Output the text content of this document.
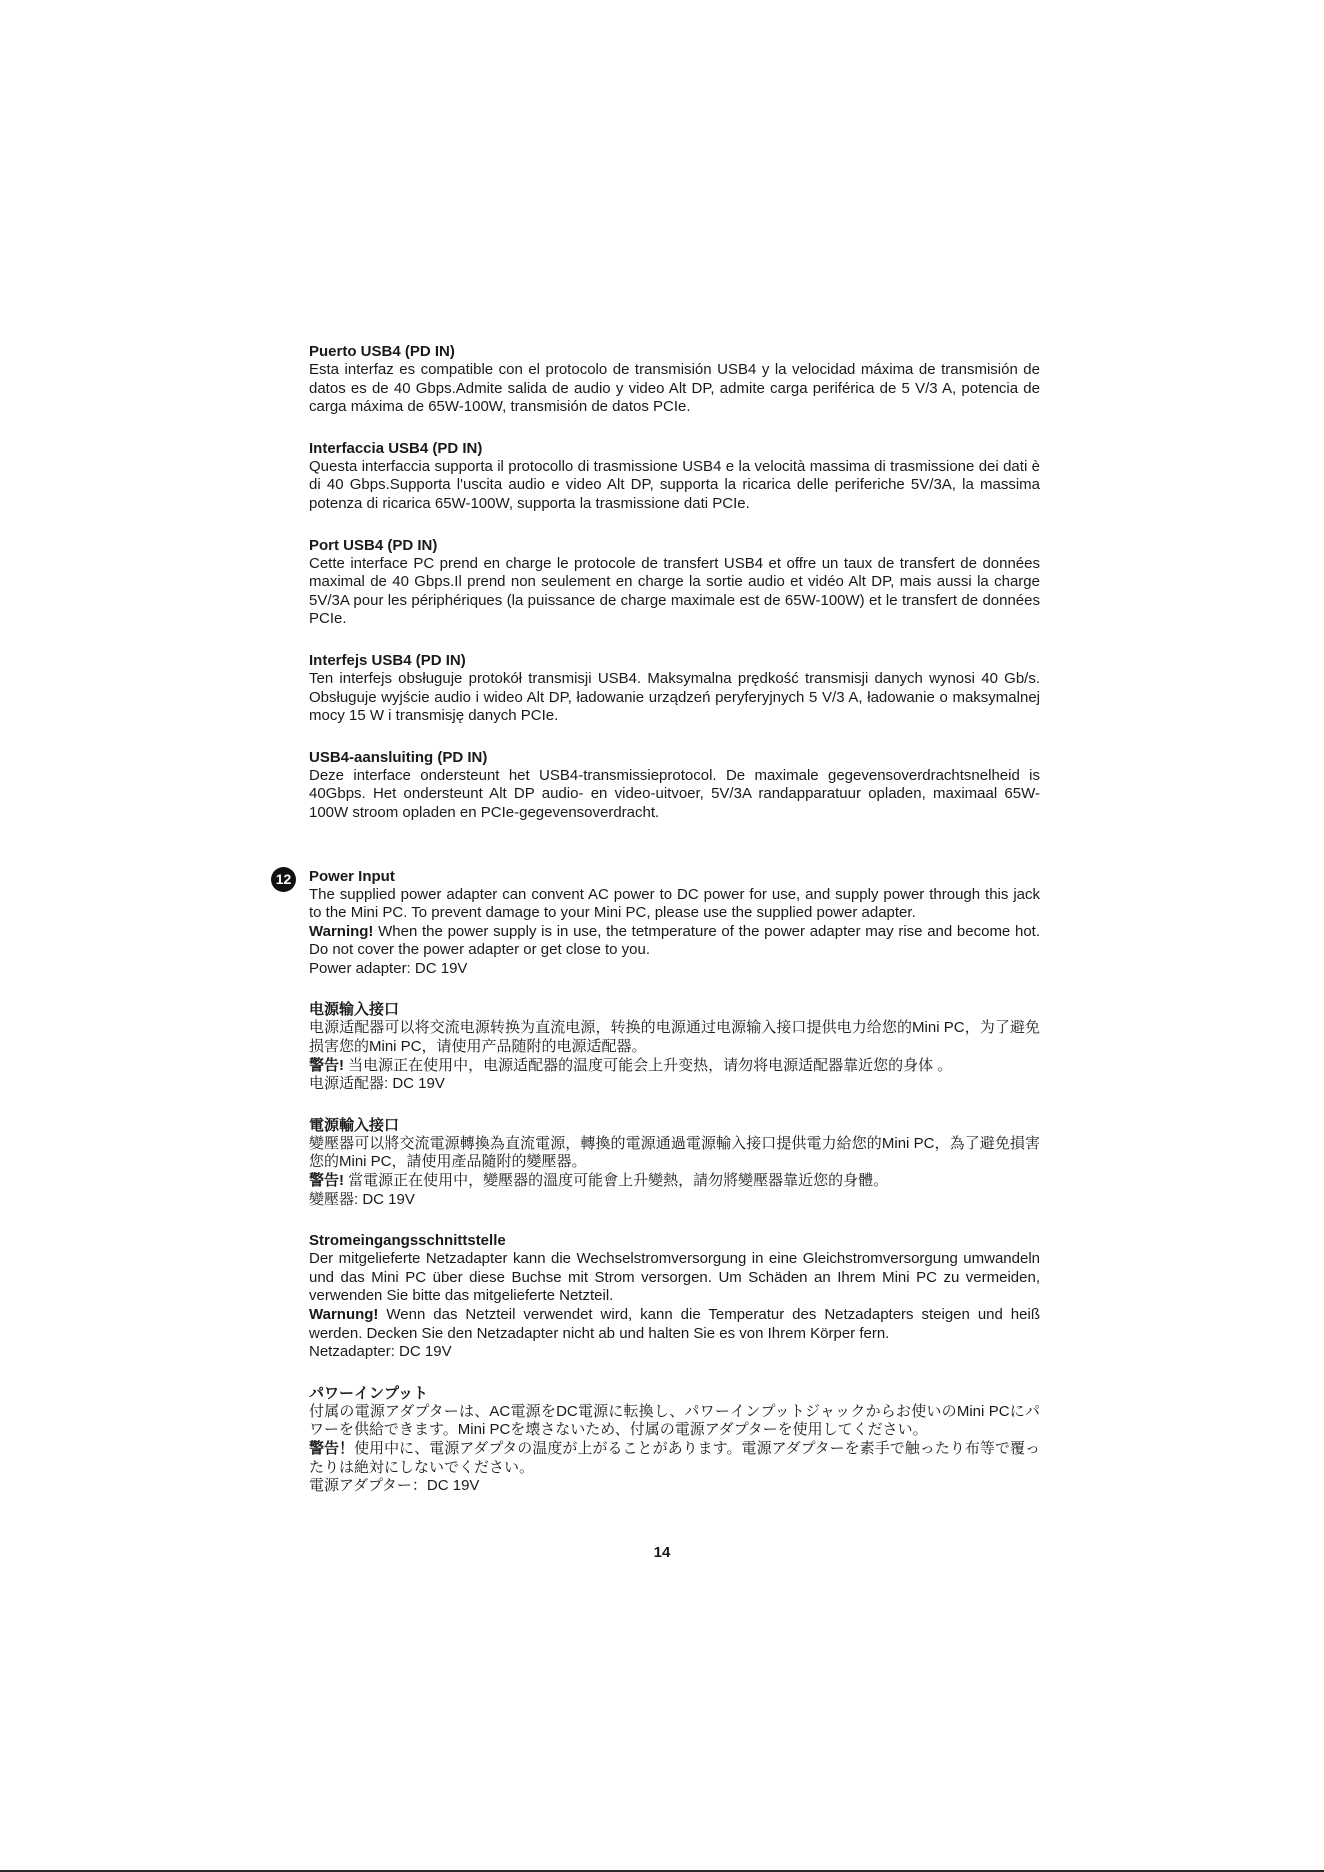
Puerto USB4 (PD IN)

Esta interfaz es compatible con el protocolo de transmisión USB4 y la velocidad máxima de transmisión de datos es de 40 Gbps.Admite salida de audio y video Alt DP, admite carga periférica de 5 V/3 A, potencia de carga máxima de 65W-100W, transmisión de datos PCIe.

Interfaccia USB4 (PD IN)

Questa interfaccia supporta il protocollo di trasmissione USB4 e la velocità massima di trasmissione dei dati è di 40 Gbps.Supporta l'uscita audio e video Alt DP, supporta la ricarica delle periferiche 5V/3A, la massima potenza di ricarica 65W-100W, supporta la trasmissione dati PCIe.

Port USB4 (PD IN)

Cette interface PC prend en charge le protocole de transfert USB4 et offre un taux de transfert de données maximal de 40 Gbps.Il prend non seulement en charge la sortie audio et vidéo Alt DP, mais aussi la charge 5V/3A pour les périphériques (la puissance de charge maximale est de 65W-100W) et le transfert de données PCIe.

Interfejs USB4 (PD IN)

Ten interfejs obsługuje protokół transmisji USB4. Maksymalna prędkość transmisji danych wynosi 40 Gb/s. Obsługuje wyjście audio i wideo Alt DP, ładowanie urządzeń peryferyjnych 5 V/3 A, ładowanie o maksymalnej mocy 15 W i transmisję danych PCIe.

USB4-aansluiting (PD IN)

Deze interface ondersteunt het USB4-transmissieprotocol. De maximale gegevensoverdrachtsnelheid is 40Gbps. Het ondersteunt Alt DP audio- en video-uitvoer, 5V/3A randapparatuur opladen, maximaal 65W-100W stroom opladen en PCIe-gegevensoverdracht.

Power Input

The supplied power adapter can convent AC power to DC power for use, and supply power through this jack to the Mini PC. To prevent damage to your Mini PC, please use the supplied power adapter.
Warning! When the power supply is in use, the tetmperature of the power adapter may rise and become hot. Do not cover the power adapter or get close to you.
Power adapter: DC 19V

电源输入接口

电源适配器可以将交流电源转换为直流电源，转换的电源通过电源输入接口提供电力给您的Mini PC，为了避免损害您的Mini PC，请使用产品随附的电源适配器。
警告! 当电源正在使用中，电源适配器的温度可能会上升变热，请勿将电源适配器靠近您的身体 。
电源适配器: DC 19V

電源輸入接口

變壓器可以將交流電源轉換為直流電源，轉換的電源通過電源輸入接口提供電力給您的Mini PC，為了避免損害您的Mini PC，請使用產品隨附的變壓器。
警告! 當電源正在使用中，變壓器的溫度可能會上升變熱，請勿將變壓器靠近您的身體。
變壓器: DC 19V

Stromeingangsschnittstelle

Der mitgelieferte Netzadapter kann die Wechselstromversorgung in eine Gleichstromversorgung umwandeln und das Mini PC über diese Buchse mit Strom versorgen. Um Schäden an Ihrem Mini PC zu vermeiden, verwenden Sie bitte das mitgelieferte Netzteil.
Warnung! Wenn das Netzteil verwendet wird, kann die Temperatur des Netzadapters steigen und heiß werden. Decken Sie den Netzadapter nicht ab und halten Sie es von Ihrem Körper fern.
Netzadapter: DC 19V

パワーインプット

付属の電源アダプターは、AC電源をDC電源に転換し、パワーインプットジャックからお使いのMini PCにパワーを供給できます。Mini PCを壊さないため、付属の電源アダプターを使用してください。
警告！使用中に、電源アダプタの温度が上がることがあります。電源アダプターを素手で触ったり布等で覆ったりは絶対にしないでください。
電源アダプター：DC 19V

12
14
